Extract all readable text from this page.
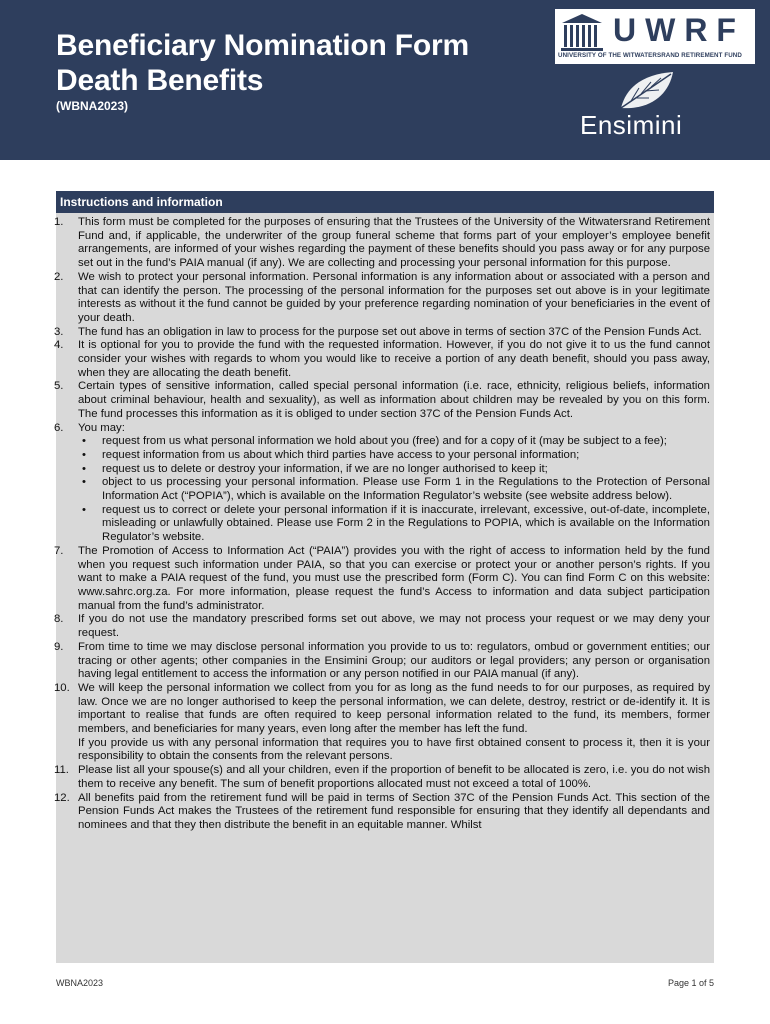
Beneficiary Nomination Form
Death Benefits
(WBNA2023)
UWRF
UNIVERSITY OF THE WITWATERSRAND RETIREMENT FUND
Ensimini
Instructions and information
1.	This form must be completed for the purposes of ensuring that the Trustees of the University of the Witwatersrand Retirement Fund and, if applicable, the underwriter of the group funeral scheme that forms part of your employer’s employee benefit arrangements, are informed of your wishes regarding the payment of these benefits should you pass away or for any purpose set out in the fund’s PAIA manual (if any). We are collecting and processing your personal information for this purpose.
2.	We wish to protect your personal information. Personal information is any information about or associated with a person and that can identify the person. The processing of the personal information for the purposes set out above is in your legitimate interests as without it the fund cannot be guided by your preference regarding nomination of your beneficiaries in the event of your death.
3.	The fund has an obligation in law to process for the purpose set out above in terms of section 37C of the Pension Funds Act.
4.	It is optional for you to provide the fund with the requested information. However, if you do not give it to us the fund cannot consider your wishes with regards to whom you would like to receive a portion of any death benefit, should you pass away, when they are allocating the death benefit.
5.	Certain types of sensitive information, called special personal information (i.e. race, ethnicity, religious beliefs, information about criminal behaviour, health and sexuality), as well as information about children may be revealed by you on this form. The fund processes this information as it is obliged to under section 37C of the Pension Funds Act.
6.	You may:
• request from us what personal information we hold about you (free) and for a copy of it (may be subject to a fee);
• request information from us about which third parties have access to your personal information;
• request us to delete or destroy your information, if we are no longer authorised to keep it;
• object to us processing your personal information. Please use Form 1 in the Regulations to the Protection of Personal Information Act (“POPIA”), which is available on the Information Regulator’s website (see website address below).
• request us to correct or delete your personal information if it is inaccurate, irrelevant, excessive, out-of-date, incomplete, misleading or unlawfully obtained. Please use Form 2 in the Regulations to POPIA, which is available on the Information Regulator’s website.
7.	The Promotion of Access to Information Act (“PAIA”) provides you with the right of access to information held by the fund when you request such information under PAIA, so that you can exercise or protect your or another person’s rights. If you want to make a PAIA request of the fund, you must use the prescribed form (Form C). You can find Form C on this website: www.sahrc.org.za. For more information, please request the fund’s Access to information and data subject participation manual from the fund’s administrator.
8.	If you do not use the mandatory prescribed forms set out above, we may not process your request or we may deny your request.
9.	From time to time we may disclose personal information you provide to us to: regulators, ombud or government entities; our tracing or other agents; other companies in the Ensimini Group; our auditors or legal providers; any person or organisation having legal entitlement to access the information or any person notified in our PAIA manual (if any).
10. We will keep the personal information we collect from you for as long as the fund needs to for our purposes, as required by law. Once we are no longer authorised to keep the personal information, we can delete, destroy, restrict or de-identify it. It is important to realise that funds are often required to keep personal information related to the fund, its members, former members, and beneficiaries for many years, even long after the member has left the fund.
If you provide us with any personal information that requires you to have first obtained consent to process it, then it is your responsibility to obtain the consents from the relevant persons.
11. Please list all your spouse(s) and all your children, even if the proportion of benefit to be allocated is zero, i.e. you do not wish them to receive any benefit. The sum of benefit proportions allocated must not exceed a total of 100%.
12. All benefits paid from the retirement fund will be paid in terms of Section 37C of the Pension Funds Act. This section of the Pension Funds Act makes the Trustees of the retirement fund responsible for ensuring that they identify all dependants and nominees and that they then distribute the benefit in an equitable manner. Whilst
WBNA2023	Page 1 of 5
